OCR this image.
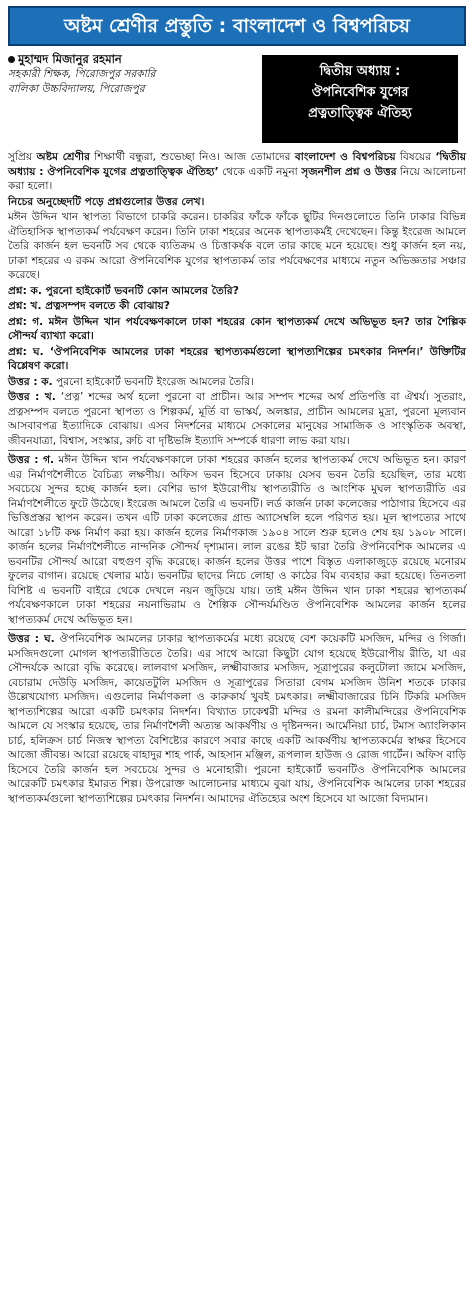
অষ্টম শ্রেণীর প্রস্তুতি : বাংলাদেশ ও বিশ্বপরিচয়
মুহাম্মদ মিজানুর রহমান
সহকারী শিক্ষক, পিরোজপুর সরকারি
বালিকা উচ্চবিদ্যালয়, পিরোজপুর
দ্বিতীয় অধ্যায় :
ঔপনিবেশিক যুগের
প্রত্নতাত্ত্বিক ঐতিহ্য

সুপ্রিয় অষ্টম শ্রেণীর শিক্ষার্থী বন্ধুরা, শুভেচ্ছা নিও। আজ তোমাদের বাংলাদেশ ও বিশ্বপরিচয় বিষয়ের ‘দ্বিতীয় অধ্যায় : ঔপনিবেশিক যুগের প্রত্নতাত্ত্বিক ঐতিহ্য’ থেকে একটি নমুনা সৃজনশীল প্রশ্ন ও উত্তর নিয়ে আলোচনা করা হলো।

নিচের অনুচ্ছেদটি পড়ে প্রশ্নগুলোর উত্তর লেখ।

মঈন উদ্দিন খান স্থাপত্য বিভাগে চাকরি করেন। চাকরির ফাঁকে ফাঁকে ছুটির দিনগুলোতে তিনি ঢাকার বিভিন্ন ঐতিহাসিক স্থাপত্যকর্ম পর্যবেক্ষণ করেন। তিনি ঢাকা শহরের অনেক স্থাপত্যকর্মই দেখেছেন। কিন্তু ইংরেজ আমলে তৈরি কার্জন হল ভবনটি সব থেকে ব্যতিক্রম ও চিত্তাকর্ষক বলে তার কাছে মনে হয়েছে। শুধু কার্জন হল নয়, ঢাকা শহরের এ রকম আরো ঔপনিবেশিক যুগের স্থাপত্যকর্ম তার পর্যবেক্ষণের মাধ্যমে নতুন অভিজ্ঞতার সঞ্চার করেছে।

প্রশ্ন: ক. পুরনো হাইকোর্ট ভবনটি কোন আমলের তৈরি?

প্রশ্ন: খ. প্রত্নসম্পদ বলতে কী বোঝায়?

প্রশ্ন: গ. মঈন উদ্দিন খান পর্যবেক্ষণকালে ঢাকা শহরের কোন স্থাপত্যকর্ম দেখে অভিভূত হন? তার শৈল্পিক সৌন্দর্য ব্যাখ্যা করো।

প্রশ্ন: ঘ. ‘ঔপনিবেশিক আমলের ঢাকা শহরের স্থাপত্যকর্মগুলো স্থাপত্যশিল্পের চমৎকার নিদর্শন।’ উক্তিটির বিশ্লেষণ করো।

উত্তর : ক. পুরনো হাইকোর্ট ভবনটি ইংরেজ আমলের তৈরি।

উত্তর : খ. ‘প্রত্ন’ শব্দের অর্থ হলো পুরনো বা প্রাচীন। আর সম্পদ শব্দের অর্থ প্রতিপত্তি বা ঐশ্বর্য। সুতরাং, প্রত্নসম্পদ বলতে পুরনো স্থাপত্য ও শিল্পকর্ম, মূর্তি বা ভাস্কর্য, অলঙ্কার, প্রাচীন আমলের মুদ্রা, পুরনো মূল্যবান আসবাবপত্র ইত্যাদিকে বোঝায়। এসব নিদর্শনের মাধ্যমে সেকালের মানুষের সামাজিক ও সাংস্কৃতিক অবস্থা, জীবনযাত্রা, বিশ্বাস, সংস্কার, রুচি বা দৃষ্টিভঙ্গি ইত্যাদি সম্পর্কে ধারণা লাভ করা যায়।

উত্তর : গ. মঈন উদ্দিন খান পর্যবেক্ষণকালে ঢাকা শহরের কার্জন হলের স্থাপত্যকর্ম দেখে অভিভূত হন। কারণ এর নির্মাণশৈলীতে বৈচিত্র্য লক্ষণীয়। অফিস ভবন হিসেবে ঢাকায় যেসব ভবন তৈরি হয়েছিল, তার মধ্যে সবচেয়ে সুন্দর হচ্ছে কার্জন হল। বেশির ভাগ ইউরোপীয় স্থাপত্যরীতি ও আংশিক মুঘল স্থাপত্যরীতি এর নির্মাণশৈলীতে ফুটে উঠেছে। ইংরেজ আমলে তৈরি এ ভবনটি। লর্ড কার্জন ঢাকা কলেজের পাঠাগার হিসেবে এর ভিত্তিপ্রস্তর স্থাপন করেন। তখন এটি ঢাকা কলেজের গ্রান্ড অ্যাসেম্বলি হলে পরিণত হয়। মূল স্থাপত্যের সাথে আরো ১৮টি কক্ষ নির্মাণ করা হয়। কার্জন হলের নির্মাণকাজ ১৯০৪ সালে শুরু হলেও শেষ হয় ১৯০৮ সালে। কার্জন হলের নির্মাণশৈলীতে নান্দনিক সৌন্দর্য দৃশ্যমান। লাল রঙের ইট দ্বারা তৈরি ঔপনিবেশিক আমলের এ ভবনটির সৌন্দর্য আরো বহুগুণ বৃদ্ধি করেছে। কার্জন হলের উত্তর পাশে বিস্তৃত এলাকাজুড়ে রয়েছে মনোরম ফুলের বাগান। রয়েছে খেলার মাঠ। ভবনটির ছাদের নিচে লোহা ও কাঠের বিম ব্যবহার করা হয়েছে। তিনতলা বিশিষ্ট এ ভবনটি বাইরে থেকে দেখলে নয়ন জুড়িয়ে যায়। তাই মঈন উদ্দিন খান ঢাকা শহরের স্থাপত্যকর্ম পর্যবেক্ষণকালে ঢাকা শহরের নয়নাভিরাম ও শৈল্পিক সৌন্দর্যমণ্ডিত ঔপনিবেশিক আমলের কার্জন হলের স্থাপত্যকর্ম দেখে অভিভূত হন।

উত্তর : ঘ. ঔপনিবেশিক আমলের ঢাকার স্থাপত্যকর্মের মধ্যে রয়েছে বেশ কয়েকটি মসজিদ, মন্দির ও গির্জা। মসজিদগুলো মোগল স্থাপত্যরীতিতে তৈরি। এর সাথে আরো কিছুটা যোগ হয়েছে ইউরোপীয় রীতি, যা এর সৌন্দর্যকে আরো বৃদ্ধি করেছে। লালবাগ মসজিদ, লক্ষ্মীবাজার মসজিদ, সূত্রাপুরের কলুটোলা জামে মসজিদ, বেচারাম দেউড়ি মসজিদ, কায়েতটুলি মসজিদ ও সূত্রাপুরের সিতারা বেগম মসজিদ উনিশ শতকে ঢাকার উল্লেখযোগ্য মসজিদ। এগুলোর নির্মাণকলা ও কারুকার্য খুবই চমৎকার। লক্ষ্মীবাজারের চিনি টিকরি মসজিদ স্থাপত্যশিল্পের আরো একটি চমৎকার নিদর্শন। বিখ্যাত ঢাকেশ্বরী মন্দির ও রমনা কালীমন্দিরের ঔপনিবেশিক আমলে যে সংস্কার হয়েছে, তার নির্মাণশৈলী অত্যন্ত আকর্ষণীয় ও দৃষ্টিনন্দন। আর্মেনিয়া চার্চ, টমাস অ্যাংলিকান চার্চ, হলিক্রস চার্চ নিজস্ব স্থাপত্য বৈশিষ্ট্যের কারণে সবার কাছে একটি আকর্ষণীয় স্থাপত্যকর্মের স্বাক্ষর হিসেবে আজো জীবন্ত। আরো রয়েছে বাহাদুর শাহ পার্ক, আহসান মঞ্জিল, রূপলাল হাউজ ও রোজ গার্টেন। অফিস বাড়ি হিসেবে তৈরি কার্জন হল সবচেয়ে সুন্দর ও মনোহারী। পুরনো হাইকোর্ট ভবনটিও ঔপনিবেশিক আমলের আরেকটি চমৎকার ইমারত শিল্প। উপরোক্ত আলোচনার মাধ্যমে বুঝা যায়, ঔপনিবেশিক আমলের ঢাকা শহরের স্থাপত্যকর্মগুলো স্থাপত্যশিল্পের চমৎকার নিদর্শন। আমাদের ঐতিহ্যের অংশ হিসেবে যা আজো বিদ্যমান।
